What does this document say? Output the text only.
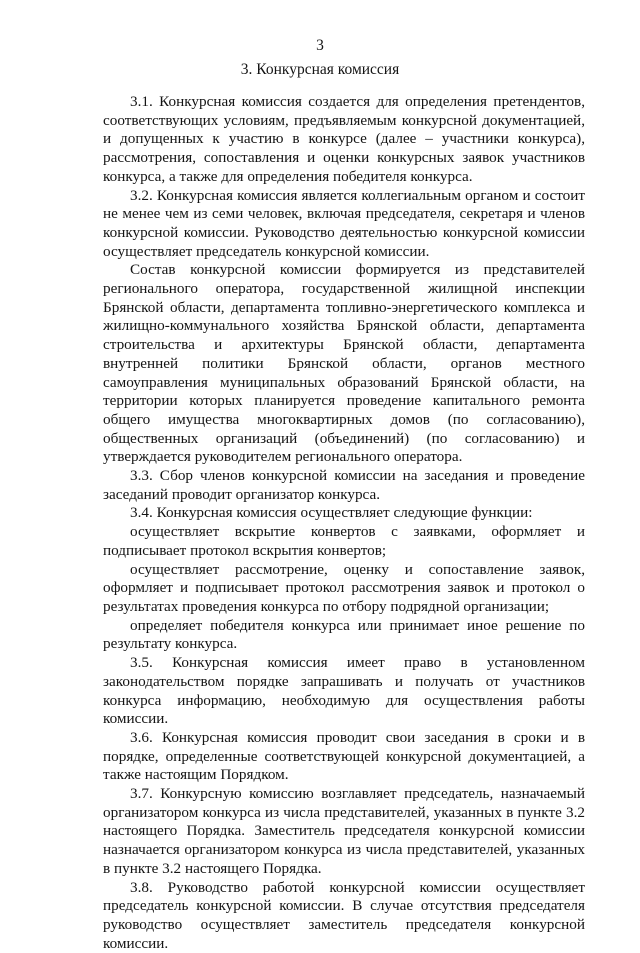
3
3. Конкурсная комиссия

3.1. Конкурсная комиссия создается для определения претендентов, соответствующих условиям, предъявляемым конкурсной документацией, и допущенных к участию в конкурсе (далее – участники конкурса), рассмотрения, сопоставления и оценки конкурсных заявок участников конкурса, а также для определения победителя конкурса.

3.2. Конкурсная комиссия является коллегиальным органом и состоит не менее чем из семи человек, включая председателя, секретаря и членов конкурсной комиссии. Руководство деятельностью конкурсной комиссии осуществляет председатель конкурсной комиссии.

Состав конкурсной комиссии формируется из представителей регионального оператора, государственной жилищной инспекции Брянской области, департамента топливно-энергетического комплекса и жилищно-коммунального хозяйства Брянской области, департамента строительства и архитектуры Брянской области, департамента внутренней политики Брянской области, органов местного самоуправления муниципальных образований Брянской области, на территории которых планируется проведение капитального ремонта общего имущества многоквартирных домов (по согласованию), общественных организаций (объединений) (по согласованию) и утверждается руководителем регионального оператора.

3.3. Сбор членов конкурсной комиссии на заседания и проведение заседаний проводит организатор конкурса.

3.4. Конкурсная комиссия осуществляет следующие функции:

осуществляет вскрытие конвертов с заявками, оформляет и подписывает протокол вскрытия конвертов;

осуществляет рассмотрение, оценку и сопоставление заявок, оформляет и подписывает протокол рассмотрения заявок и протокол о результатах проведения конкурса по отбору подрядной организации;

определяет победителя конкурса или принимает иное решение по результату конкурса.

3.5. Конкурсная комиссия имеет право в установленном законодательством порядке запрашивать и получать от участников конкурса информацию, необходимую для осуществления работы комиссии.

3.6. Конкурсная комиссия проводит свои заседания в сроки и в порядке, определенные соответствующей конкурсной документацией, а также настоящим Порядком.

3.7. Конкурсную комиссию возглавляет председатель, назначаемый организатором конкурса из числа представителей, указанных в пункте 3.2 настоящего Порядка. Заместитель председателя конкурсной комиссии назначается организатором конкурса из числа представителей, указанных в пункте 3.2 настоящего Порядка.

3.8. Руководство работой конкурсной комиссии осуществляет председатель конкурсной комиссии. В случае отсутствия председателя руководство осуществляет заместитель председателя конкурсной комиссии.
